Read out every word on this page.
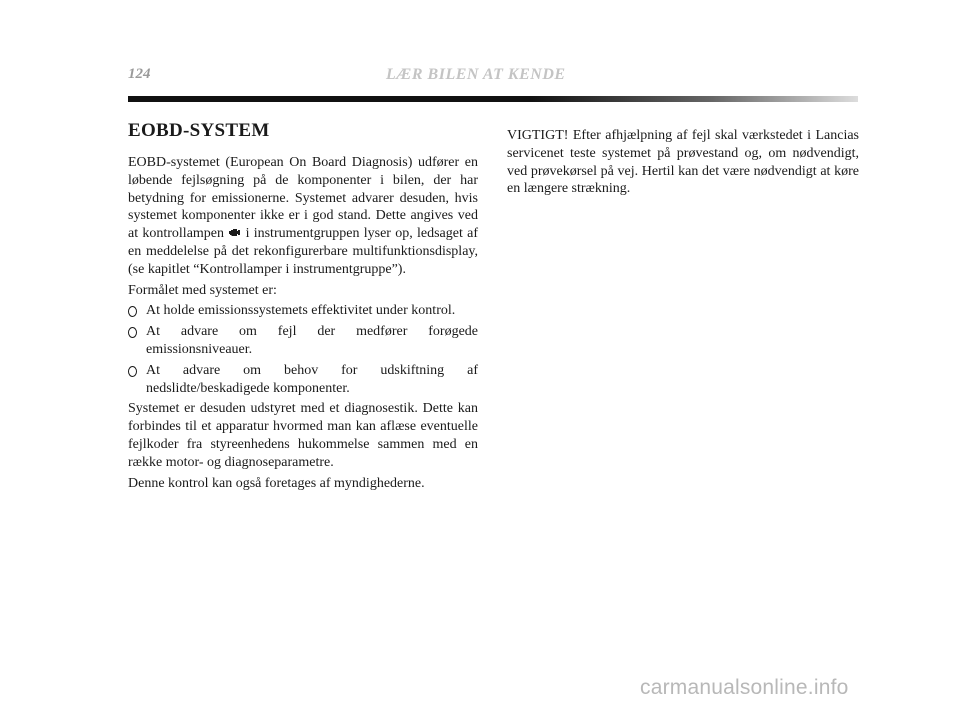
124	LÆR BILEN AT KENDE
EOBD-SYSTEM

EOBD-systemet (European On Board Diagnosis) udfører en løbende fejlsøgning på de komponenter i bilen, der har betydning for emissionerne. Systemet advarer desuden, hvis systemet komponenter ikke er i god stand. Dette angives ved at kontrollampen i instrumentgruppen lyser op, ledsaget af en meddelelse på det rekonfigurerbare multifunktionsdisplay, (se kapitlet “Kontrollamper i instrumentgruppe”).

Formålet med systemet er:

At holde emissionssystemets effektivitet under kontrol.
At advare om fejl der medfører forøgede emissionsniveauer.
At advare om behov for udskiftning af nedslidte/beskadigede komponenter.

Systemet er desuden udstyret med et diagnosestik. Dette kan forbindes til et apparatur hvormed man kan aflæse eventuelle fejlkoder fra styreenhedens hukommelse sammen med en række motor- og diagnoseparametre.

Denne kontrol kan også foretages af myndighederne.

VIGTIGT! Efter afhjælpning af fejl skal værkstedet i Lancias servicenet teste systemet på prøvestand og, om nødvendigt, ved prøvekørsel på vej. Hertil kan det være nødvendigt at køre en længere strækning.

carmanualsonline.info
